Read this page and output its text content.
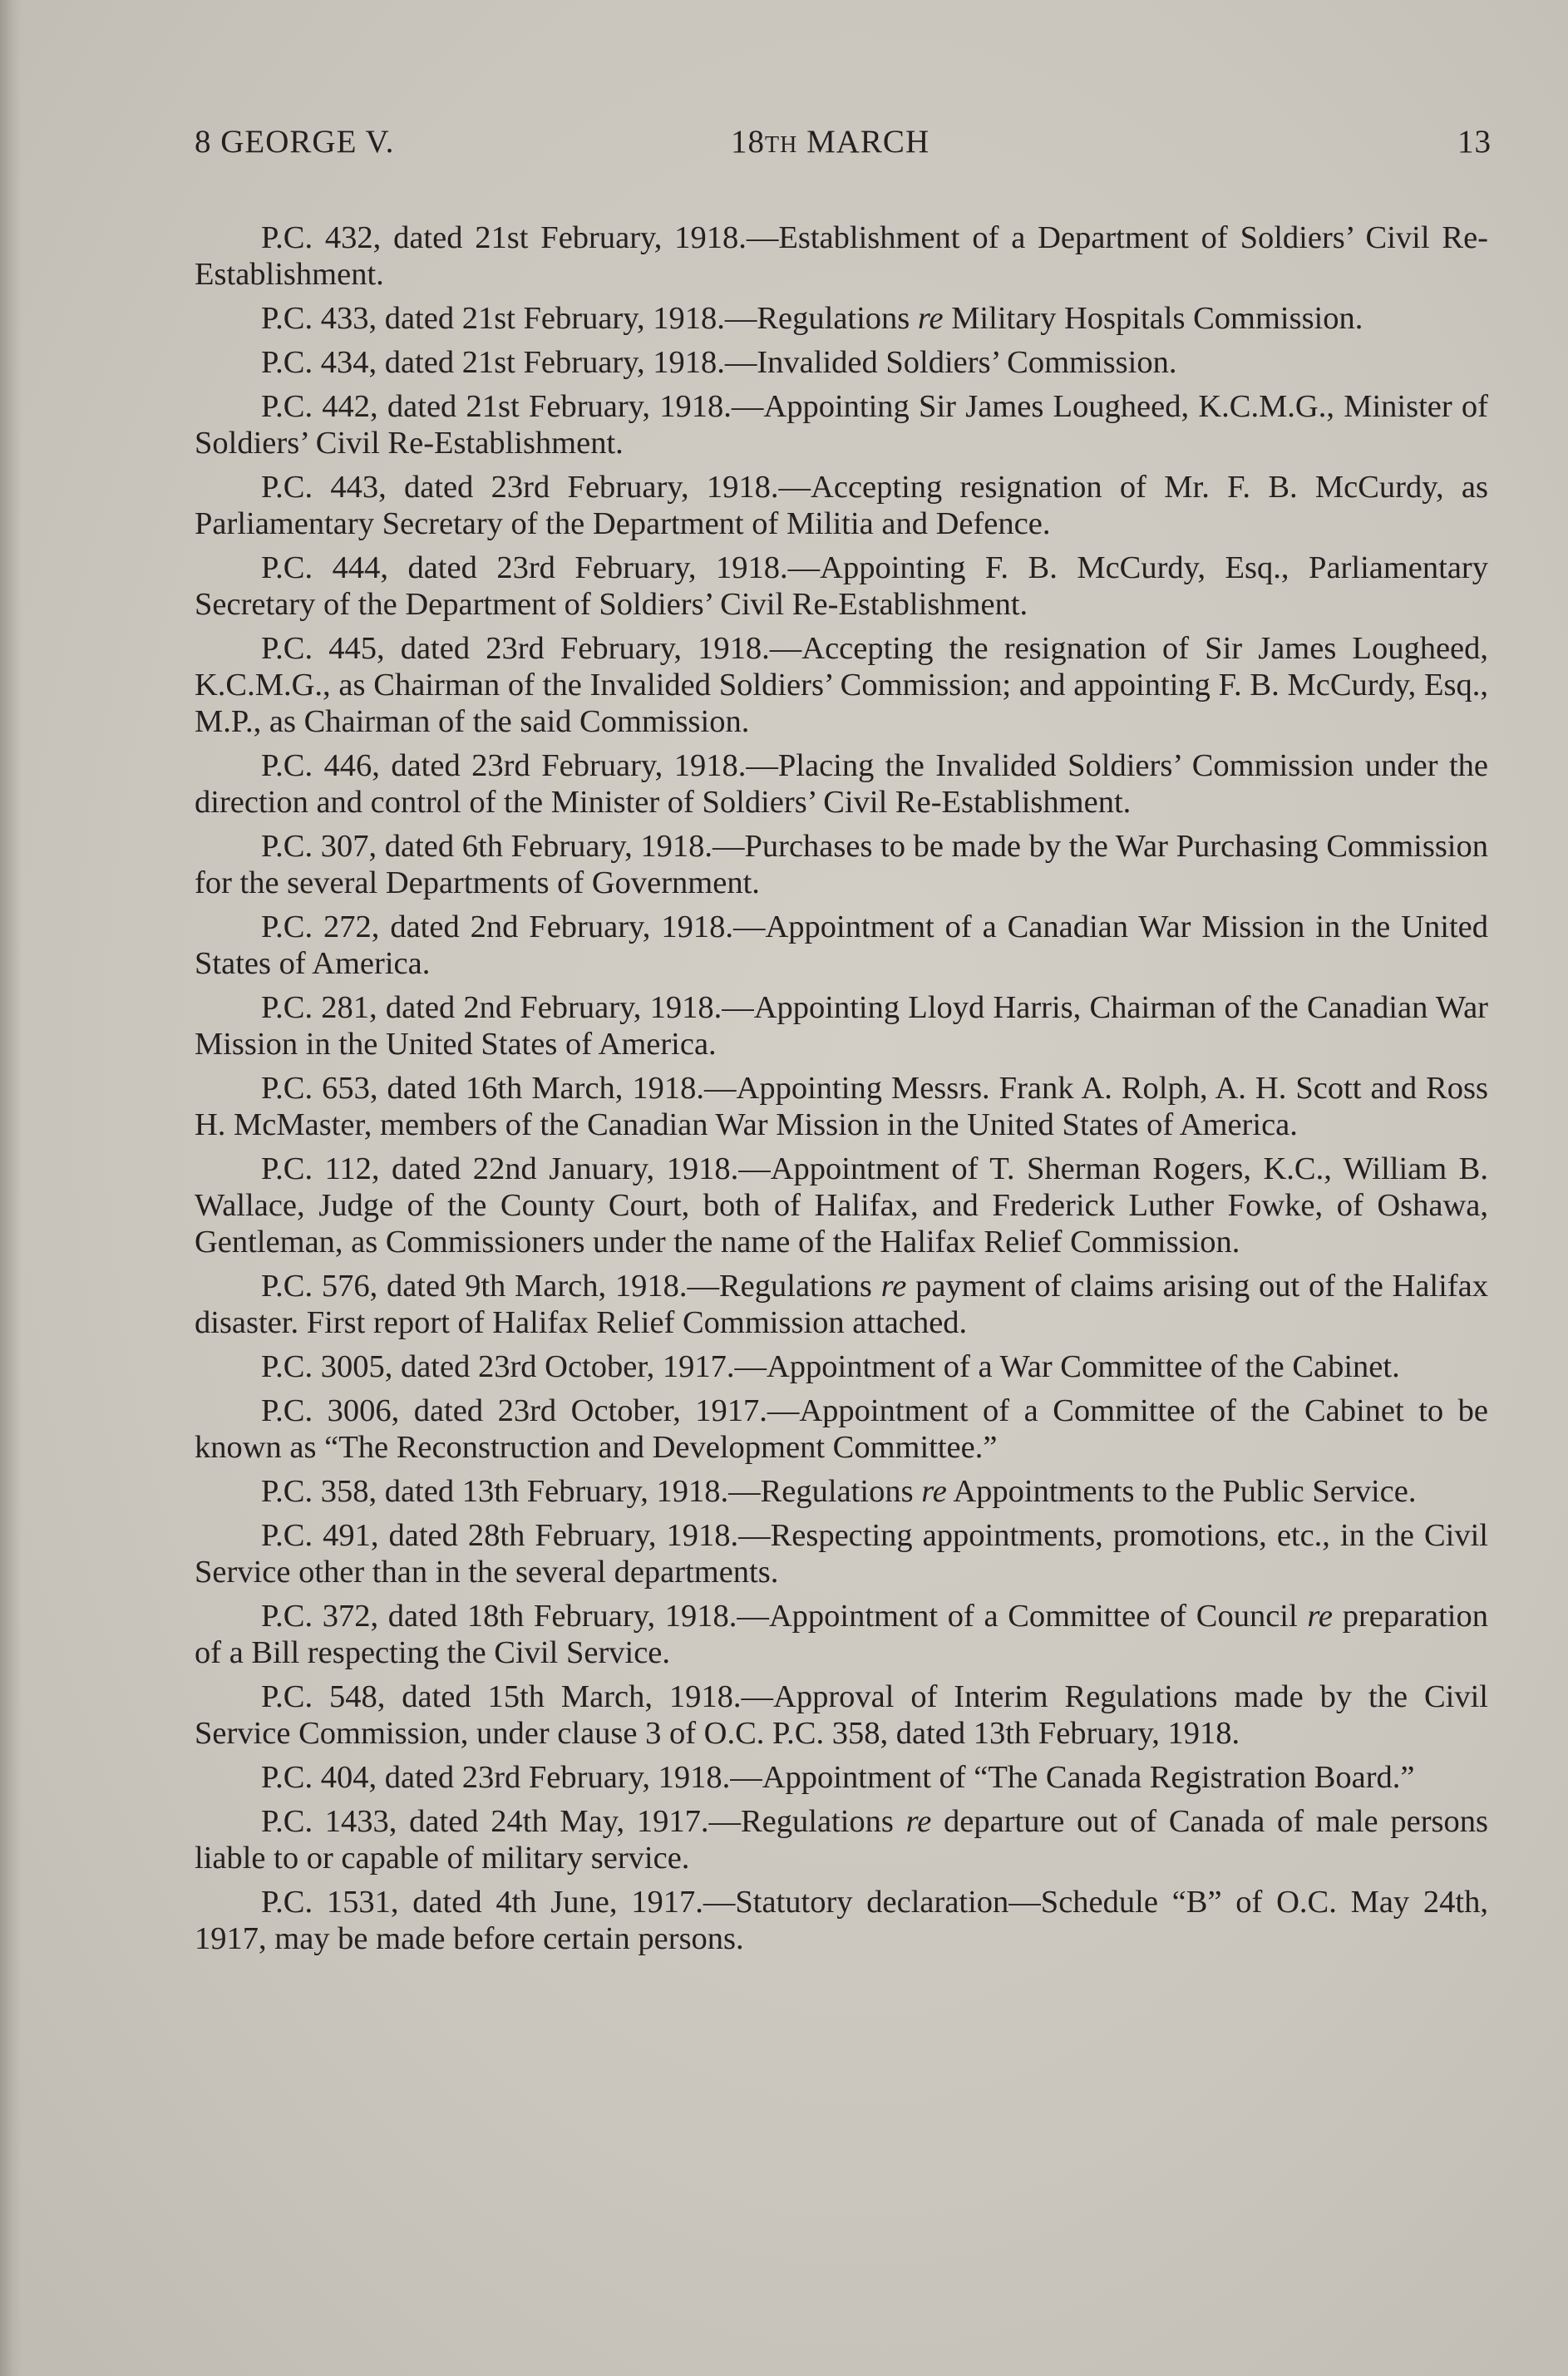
8 GEORGE V.	18TH MARCH	13

P.C. 432, dated 21st February, 1918.—Establishment of a Department of Soldiers’ Civil Re-Establishment.

P.C. 433, dated 21st February, 1918.—Regulations re Military Hospitals Commission.

P.C. 434, dated 21st February, 1918.—Invalided Soldiers’ Commission.

P.C. 442, dated 21st February, 1918.—Appointing Sir James Lougheed, K.C.M.G., Minister of Soldiers’ Civil Re-Establishment.

P.C. 443, dated 23rd February, 1918.—Accepting resignation of Mr. F. B. McCurdy, as Parliamentary Secretary of the Department of Militia and Defence.

P.C. 444, dated 23rd February, 1918.—Appointing F. B. McCurdy, Esq., Parliamentary Secretary of the Department of Soldiers’ Civil Re-Establishment.

P.C. 445, dated 23rd February, 1918.—Accepting the resignation of Sir James Lougheed, K.C.M.G., as Chairman of the Invalided Soldiers’ Commission; and appointing F. B. McCurdy, Esq., M.P., as Chairman of the said Commission.

P.C. 446, dated 23rd February, 1918.—Placing the Invalided Soldiers’ Commission under the direction and control of the Minister of Soldiers’ Civil Re-Establishment.

P.C. 307, dated 6th February, 1918.—Purchases to be made by the War Purchasing Commission for the several Departments of Government.

P.C. 272, dated 2nd February, 1918.—Appointment of a Canadian War Mission in the United States of America.

P.C. 281, dated 2nd February, 1918.—Appointing Lloyd Harris, Chairman of the Canadian War Mission in the United States of America.

P.C. 653, dated 16th March, 1918.—Appointing Messrs. Frank A. Rolph, A. H. Scott and Ross H. McMaster, members of the Canadian War Mission in the United States of America.

P.C. 112, dated 22nd January, 1918.—Appointment of T. Sherman Rogers, K.C., William B. Wallace, Judge of the County Court, both of Halifax, and Frederick Luther Fowke, of Oshawa, Gentleman, as Commissioners under the name of the Halifax Relief Commission.

P.C. 576, dated 9th March, 1918.—Regulations re payment of claims arising out of the Halifax disaster. First report of Halifax Relief Commission attached.

P.C. 3005, dated 23rd October, 1917.—Appointment of a War Committee of the Cabinet.

P.C. 3006, dated 23rd October, 1917.—Appointment of a Committee of the Cabinet to be known as “The Reconstruction and Development Committee.”

P.C. 358, dated 13th February, 1918.—Regulations re Appointments to the Public Service.

P.C. 491, dated 28th February, 1918.—Respecting appointments, promotions, etc., in the Civil Service other than in the several departments.

P.C. 372, dated 18th February, 1918.—Appointment of a Committee of Council re preparation of a Bill respecting the Civil Service.

P.C. 548, dated 15th March, 1918.—Approval of Interim Regulations made by the Civil Service Commission, under clause 3 of O.C. P.C. 358, dated 13th February, 1918.

P.C. 404, dated 23rd February, 1918.—Appointment of “The Canada Registration Board.”

P.C. 1433, dated 24th May, 1917.—Regulations re departure out of Canada of male persons liable to or capable of military service.

P.C. 1531, dated 4th June, 1917.—Statutory declaration—Schedule “B” of O.C. May 24th, 1917, may be made before certain persons.
